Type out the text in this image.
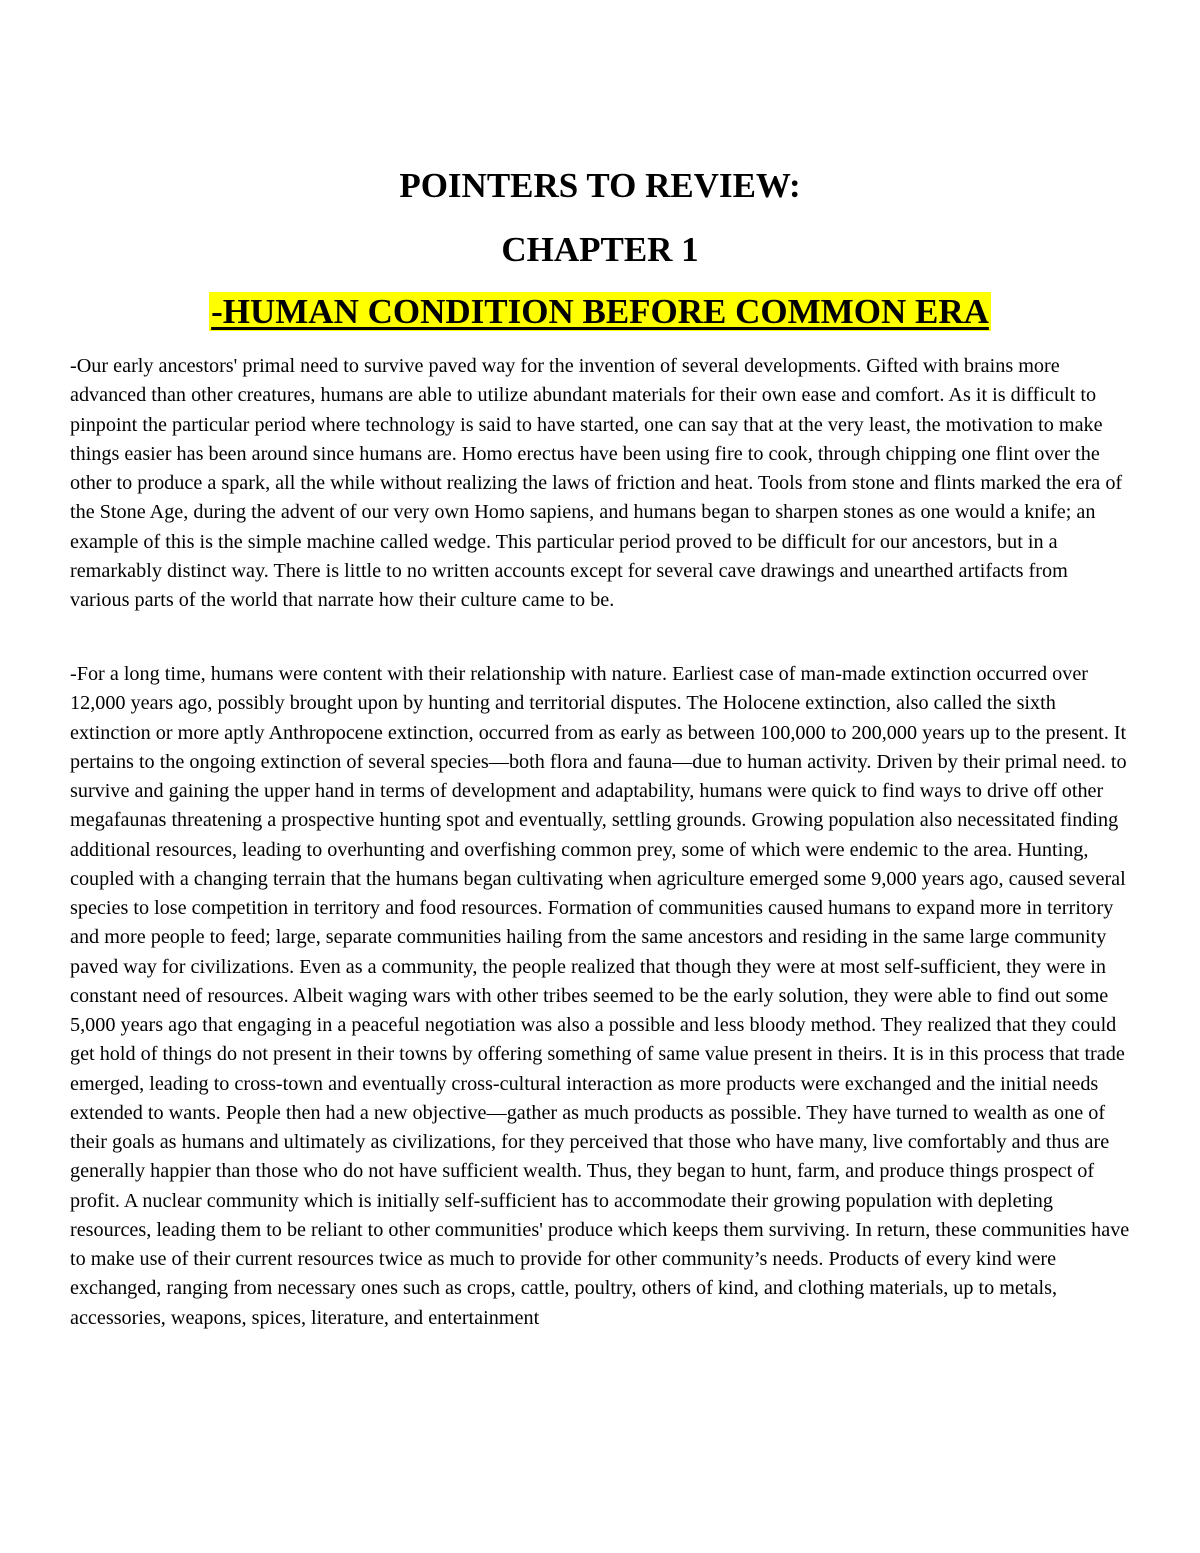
POINTERS TO REVIEW:
CHAPTER 1
-HUMAN CONDITION BEFORE COMMON ERA

-Our early ancestors' primal need to survive paved way for the invention of several developments. Gifted with brains more advanced than other creatures, humans are able to utilize abundant materials for their own ease and comfort. As it is difficult to pinpoint the particular period where technology is said to have started, one can say that at the very least, the motivation to make things easier has been around since humans are. Homo erectus have been using fire to cook, through chipping one flint over the other to produce a spark, all the while without realizing the laws of friction and heat. Tools from stone and flints marked the era of the Stone Age, during the advent of our very own Homo sapiens, and humans began to sharpen stones as one would a knife; an example of this is the simple machine called wedge. This particular period proved to be difficult for our ancestors, but in a remarkably distinct way. There is little to no written accounts except for several cave drawings and unearthed artifacts from various parts of the world that narrate how their culture came to be.

-For a long time, humans were content with their relationship with nature. Earliest case of man-made extinction occurred over 12,000 years ago, possibly brought upon by hunting and territorial disputes. The Holocene extinction, also called the sixth extinction or more aptly Anthropocene extinction, occurred from as early as between 100,000 to 200,000 years up to the present. It pertains to the ongoing extinction of several species—both flora and fauna—due to human activity. Driven by their primal need. to survive and gaining the upper hand in terms of development and adaptability, humans were quick to find ways to drive off other megafaunas threatening a prospective hunting spot and eventually, settling grounds. Growing population also necessitated finding additional resources, leading to overhunting and overfishing common prey, some of which were endemic to the area. Hunting, coupled with a changing terrain that the humans began cultivating when agriculture emerged some 9,000 years ago, caused several species to lose competition in territory and food resources. Formation of communities caused humans to expand more in territory and more people to feed; large, separate communities hailing from the same ancestors and residing in the same large community paved way for civilizations. Even as a community, the people realized that though they were at most self-sufficient, they were in constant need of resources. Albeit waging wars with other tribes seemed to be the early solution, they were able to find out some 5,000 years ago that engaging in a peaceful negotiation was also a possible and less bloody method. They realized that they could get hold of things do not present in their towns by offering something of same value present in theirs. It is in this process that trade emerged, leading to cross-town and eventually cross-cultural interaction as more products were exchanged and the initial needs extended to wants. People then had a new objective—gather as much products as possible. They have turned to wealth as one of their goals as humans and ultimately as civilizations, for they perceived that those who have many, live comfortably and thus are generally happier than those who do not have sufficient wealth. Thus, they began to hunt, farm, and produce things prospect of profit. A nuclear community which is initially self-sufficient has to accommodate their growing population with depleting resources, leading them to be reliant to other communities' produce which keeps them surviving. In return, these communities have to make use of their current resources twice as much to provide for other community’s needs. Products of every kind were exchanged, ranging from necessary ones such as crops, cattle, poultry, others of kind, and clothing materials, up to metals, accessories, weapons, spices, literature, and entertainment
